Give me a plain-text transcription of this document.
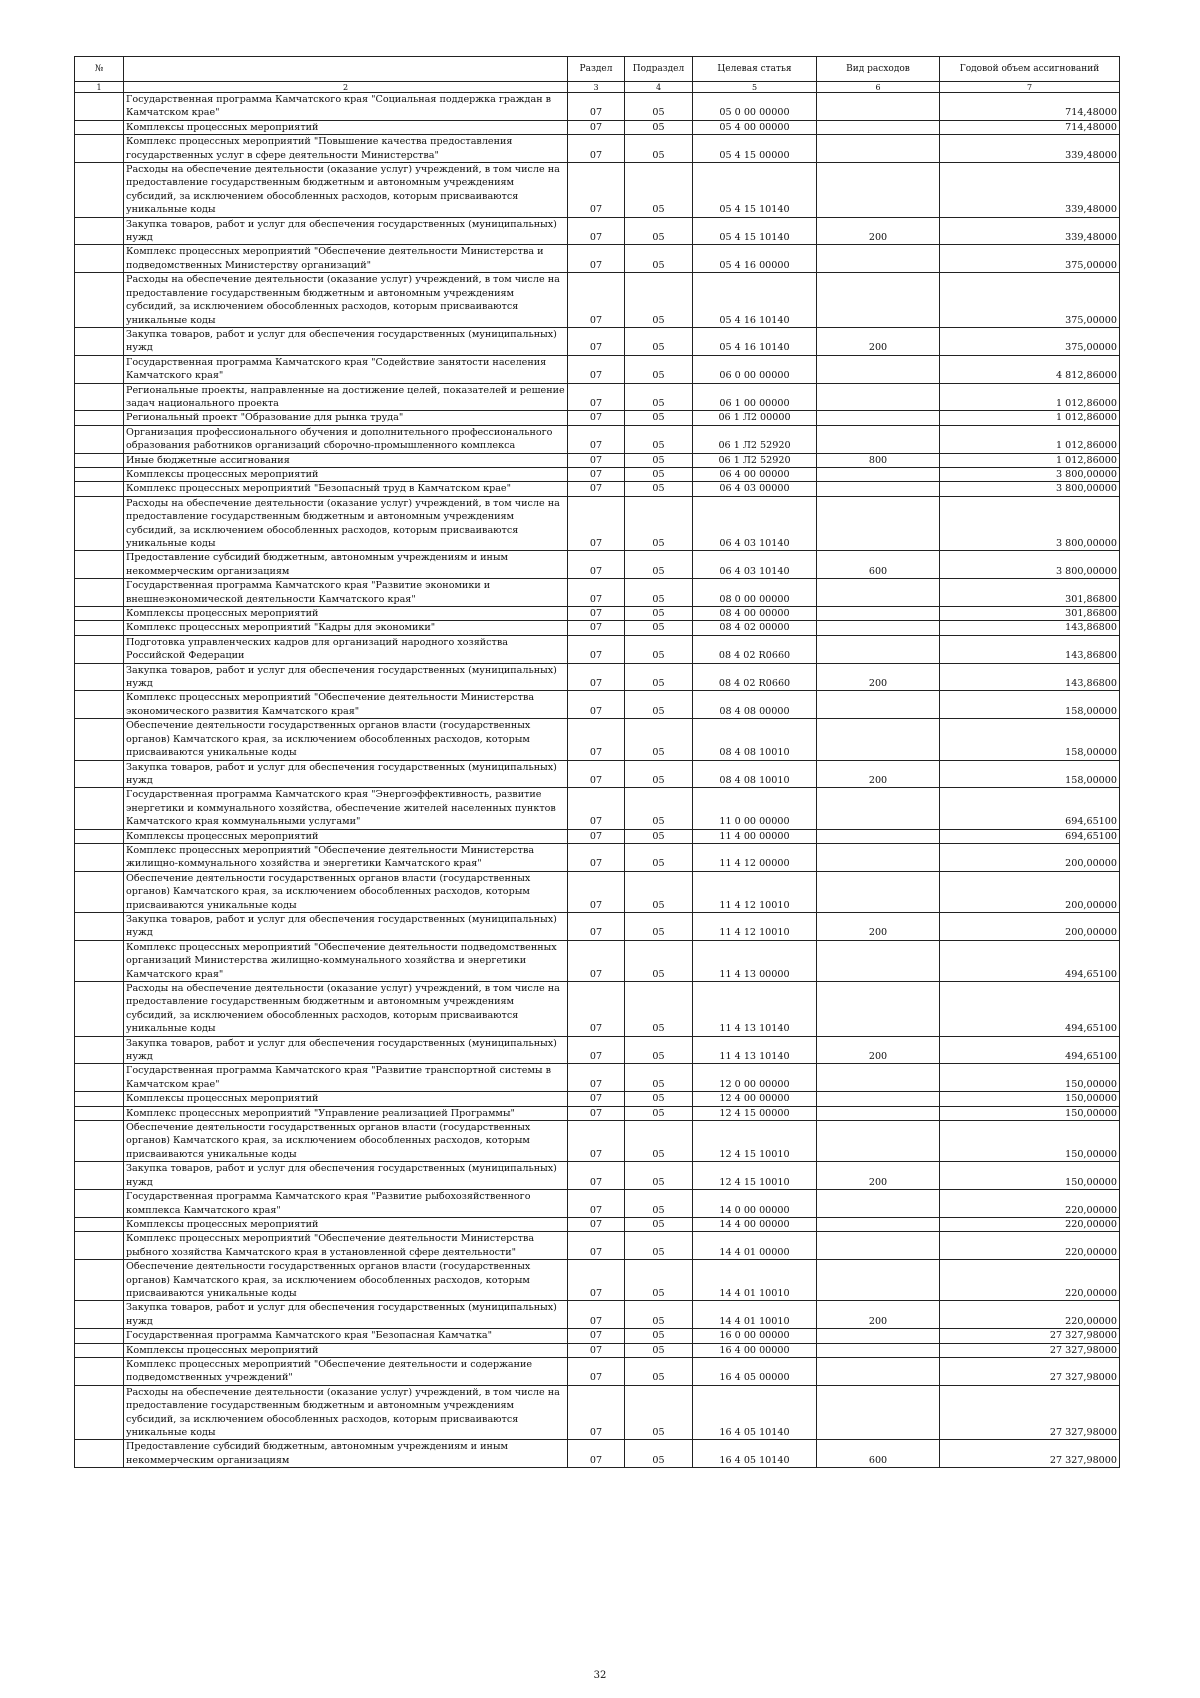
№		Раздел	Подраздел	Целевая статья	Вид расходов	Годовой объем ассигнований
1	2	3	4	5	6	7
	Государственная программа Камчатского края "Социальная поддержка граждан в Камчатском крае"	07	05	05 0 00 00000		714,48000
	Комплексы процессных мероприятий	07	05	05 4 00 00000		714,48000
	Комплекс процессных мероприятий "Повышение качества предоставления государственных услуг в сфере деятельности Министерства"	07	05	05 4 15 00000		339,48000
	Расходы на обеспечение деятельности (оказание услуг) учреждений, в том числе на предоставление государственным бюджетным и автономным учреждениям субсидий, за исключением обособленных расходов, которым присваиваются уникальные коды	07	05	05 4 15 10140		339,48000
	Закупка товаров, работ и услуг для обеспечения государственных (муниципальных) нужд	07	05	05 4 15 10140	200	339,48000
	Комплекс процессных мероприятий "Обеспечение деятельности Министерства и подведомственных Министерству организаций"	07	05	05 4 16 00000		375,00000
	Расходы на обеспечение деятельности (оказание услуг) учреждений, в том числе на предоставление государственным бюджетным и автономным учреждениям субсидий, за исключением обособленных расходов, которым присваиваются уникальные коды	07	05	05 4 16 10140		375,00000
	Закупка товаров, работ и услуг для обеспечения государственных (муниципальных) нужд	07	05	05 4 16 10140	200	375,00000
	Государственная программа Камчатского края "Содействие занятости населения Камчатского края"	07	05	06 0 00 00000		4 812,86000
	Региональные проекты, направленные на достижение целей, показателей и решение задач национального проекта	07	05	06 1 00 00000		1 012,86000
	Региональный проект "Образование для рынка труда"	07	05	06 1 Л2 00000		1 012,86000
	Организация профессионального обучения и дополнительного профессионального образования работников организаций сборочно-промышленного комплекса	07	05	06 1 Л2 52920		1 012,86000
	Иные бюджетные ассигнования	07	05	06 1 Л2 52920	800	1 012,86000
	Комплексы процессных мероприятий	07	05	06 4 00 00000		3 800,00000
	Комплекс процессных мероприятий "Безопасный труд в Камчатском крае"	07	05	06 4 03 00000		3 800,00000
	Расходы на обеспечение деятельности (оказание услуг) учреждений, в том числе на предоставление государственным бюджетным и автономным учреждениям субсидий, за исключением обособленных расходов, которым присваиваются уникальные коды	07	05	06 4 03 10140		3 800,00000
	Предоставление субсидий бюджетным, автономным учреждениям и иным некоммерческим организациям	07	05	06 4 03 10140	600	3 800,00000
	Государственная программа Камчатского края "Развитие экономики и внешнеэкономической деятельности Камчатского края"	07	05	08 0 00 00000		301,86800
	Комплексы процессных мероприятий	07	05	08 4 00 00000		301,86800
	Комплекс процессных мероприятий "Кадры для экономики"	07	05	08 4 02 00000		143,86800
	Подготовка управленческих кадров для организаций народного хозяйства Российской Федерации	07	05	08 4 02 R0660		143,86800
	Закупка товаров, работ и услуг для обеспечения государственных (муниципальных) нужд	07	05	08 4 02 R0660	200	143,86800
	Комплекс процессных мероприятий "Обеспечение деятельности Министерства экономического развития Камчатского края"	07	05	08 4 08 00000		158,00000
	Обеспечение деятельности государственных органов власти (государственных органов) Камчатского края, за исключением обособленных расходов, которым присваиваются уникальные коды	07	05	08 4 08 10010		158,00000
	Закупка товаров, работ и услуг для обеспечения государственных (муниципальных) нужд	07	05	08 4 08 10010	200	158,00000
	Государственная программа Камчатского края "Энергоэффективность, развитие энергетики и коммунального хозяйства, обеспечение жителей населенных пунктов Камчатского края коммунальными услугами"	07	05	11 0 00 00000		694,65100
	Комплексы процессных мероприятий	07	05	11 4 00 00000		694,65100
	Комплекс процессных мероприятий "Обеспечение деятельности Министерства жилищно-коммунального хозяйства и энергетики Камчатского края"	07	05	11 4 12 00000		200,00000
	Обеспечение деятельности государственных органов власти (государственных органов) Камчатского края, за исключением обособленных расходов, которым присваиваются уникальные коды	07	05	11 4 12 10010		200,00000
	Закупка товаров, работ и услуг для обеспечения государственных (муниципальных) нужд	07	05	11 4 12 10010	200	200,00000
	Комплекс процессных мероприятий "Обеспечение деятельности подведомственных организаций Министерства жилищно-коммунального хозяйства и энергетики Камчатского края"	07	05	11 4 13 00000		494,65100
	Расходы на обеспечение деятельности (оказание услуг) учреждений, в том числе на предоставление государственным бюджетным и автономным учреждениям субсидий, за исключением обособленных расходов, которым присваиваются уникальные коды	07	05	11 4 13 10140		494,65100
	Закупка товаров, работ и услуг для обеспечения государственных (муниципальных) нужд	07	05	11 4 13 10140	200	494,65100
	Государственная программа Камчатского края "Развитие транспортной системы в Камчатском крае"	07	05	12 0 00 00000		150,00000
	Комплексы процессных мероприятий	07	05	12 4 00 00000		150,00000
	Комплекс процессных мероприятий "Управление реализацией Программы"	07	05	12 4 15 00000		150,00000
	Обеспечение деятельности государственных органов власти (государственных органов) Камчатского края, за исключением обособленных расходов, которым присваиваются уникальные коды	07	05	12 4 15 10010		150,00000
	Закупка товаров, работ и услуг для обеспечения государственных (муниципальных) нужд	07	05	12 4 15 10010	200	150,00000
	Государственная программа Камчатского края "Развитие рыбохозяйственного комплекса Камчатского края"	07	05	14 0 00 00000		220,00000
	Комплексы процессных мероприятий	07	05	14 4 00 00000		220,00000
	Комплекс процессных мероприятий "Обеспечение деятельности Министерства рыбного хозяйства Камчатского края в установленной сфере деятельности"	07	05	14 4 01 00000		220,00000
	Обеспечение деятельности государственных органов власти (государственных органов) Камчатского края, за исключением обособленных расходов, которым присваиваются уникальные коды	07	05	14 4 01 10010		220,00000
	Закупка товаров, работ и услуг для обеспечения государственных (муниципальных) нужд	07	05	14 4 01 10010	200	220,00000
	Государственная программа Камчатского края "Безопасная Камчатка"	07	05	16 0 00 00000		27 327,98000
	Комплексы процессных мероприятий	07	05	16 4 00 00000		27 327,98000
	Комплекс процессных мероприятий "Обеспечение деятельности и содержание подведомственных учреждений"	07	05	16 4 05 00000		27 327,98000
	Расходы на обеспечение деятельности (оказание услуг) учреждений, в том числе на предоставление государственным бюджетным и автономным учреждениям субсидий, за исключением обособленных расходов, которым присваиваются уникальные коды	07	05	16 4 05 10140		27 327,98000
	Предоставление субсидий бюджетным, автономным учреждениям и иным некоммерческим организациям	07	05	16 4 05 10140	600	27 327,98000
32
